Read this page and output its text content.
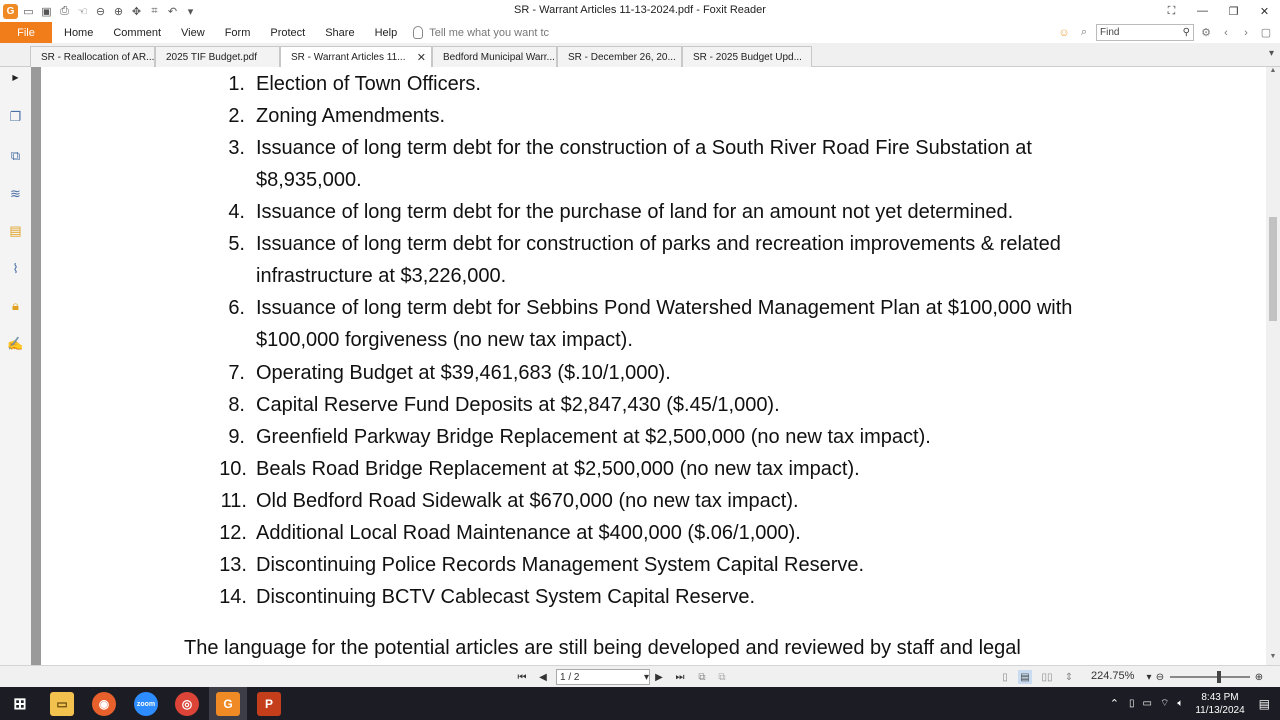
G ▭ ▣ ⎙ ☜ ⊖ ⊕ ✥ ⌗ ↶ ▾	SR - Warrant Articles 11-13-2024.pdf - Foxit Reader	⛶	—	❐	✕
File	Home	Comment	View	Form	Protect	Share	Help	Tell me what you want tc	☺	⌕	Find	⚲ ⚙	‹	›	▢
SR - Reallocation of AR... 2025 TIF Budget.pdf	SR - Warrant Articles 11... ✕ Bedford Municipal Warr... SR - December 26, 20... SR - 2025 Budget Upd...	▾
▶
❐
⧉
≋
▤
⌇
🔒︎
✍
1. Election of Town Officers.
2. Zoning Amendments.
3. Issuance of long term debt for the construction of a South River Road Fire Substation at
$8,935,000.
4. Issuance of long term debt for the purchase of land for an amount not yet determined.
5. Issuance of long term debt for construction of parks and recreation improvements & related
infrastructure at $3,226,000.
6. Issuance of long term debt for Sebbins Pond Watershed Management Plan at $100,000 with
$100,000 forgiveness (no new tax impact).
7. Operating Budget at $39,461,683 ($.10/1,000).
8. Capital Reserve Fund Deposits at $2,847,430 ($.45/1,000).
9. Greenfield Parkway Bridge Replacement at $2,500,000 (no new tax impact).
10. Beals Road Bridge Replacement at $2,500,000 (no new tax impact).
11. Old Bedford Road Sidewalk at $670,000 (no new tax impact).
12. Additional Local Road Maintenance at $400,000 ($.06/1,000).
13. Discontinuing Police Records Management System Capital Reserve.
14. Discontinuing BCTV Cablecast System Capital Reserve.
The language for the potential articles are still being developed and reviewed by staff and legal
▲
▼
⏮	◀	1 / 2	▾ ▶	⏭	⧉	⧉	▯	▤ ▯▯ ⇕ 224.75%	▾ ⊖	⊕
⊞	▭	◉	zoom	◎	G	P	⌃	▯ ▭ ⌔ 🔈︎
8:43 PM
11/13/2024	▤
